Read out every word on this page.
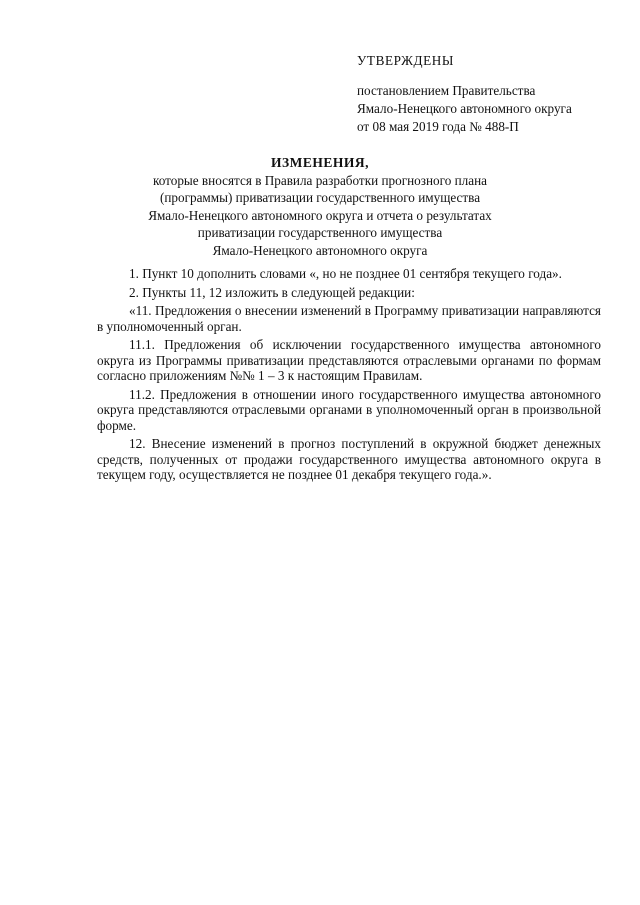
УТВЕРЖДЕНЫ
постановлением Правительства
Ямало-Ненецкого автономного округа
от 08 мая 2019 года № 488-П
ИЗМЕНЕНИЯ,
которые вносятся в Правила разработки прогнозного плана
(программы) приватизации государственного имущества
Ямало-Ненецкого автономного округа и отчета о результатах
приватизации государственного имущества
Ямало-Ненецкого автономного округа

1. Пункт 10 дополнить словами «, но не позднее 01 сентября текущего года».

2. Пункты 11, 12 изложить в следующей редакции:

«11. Предложения о внесении изменений в Программу приватизации направляются в уполномоченный орган.

11.1. Предложения об исключении государственного имущества автономного округа из Программы приватизации представляются отраслевыми органами по формам согласно приложениям №№ 1 – 3 к настоящим Правилам.

11.2. Предложения в отношении иного государственного имущества автономного округа представляются отраслевыми органами в уполномоченный орган в произвольной форме.

12. Внесение изменений в прогноз поступлений в окружной бюджет денежных средств, полученных от продажи государственного имущества автономного округа в текущем году, осуществляется не позднее 01 декабря текущего года.».
